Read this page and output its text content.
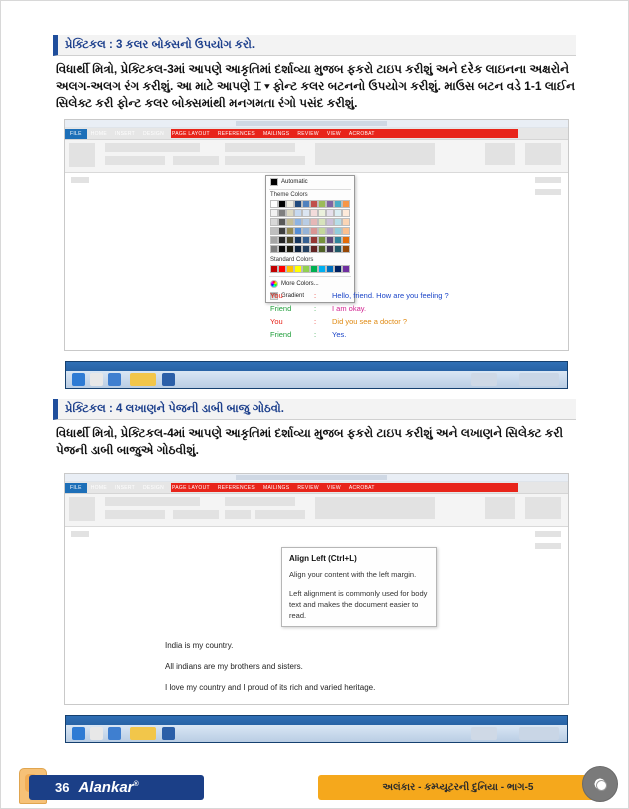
પ્રેક્ટિકલ : 3 કલર બોક્સનો ઉપયોગ કરો.
વિધાર્થી મિત્રો, પ્રેક્ટિકલ-3માં આપણે આકૃતિમાં દર્શાવ્યા મુજબ ફકરો ટાઇપ કરીશું અને દરેક લાઇનના અક્ષરોને અલગ-અલગ રંગ કરીશું. આ માટે આપણે ⌶ ▾ ફોન્ટ કલર બટનનો ઉપયોગ કરીશું. માઉસ બટન વડે 1-1 લાઈન સિલેક્ટ કરી ફોન્ટ કલર બોક્સમાંથી મનગમતા રંગો પસંદ કરીશું.
FILE	HOME	INSERT	DESIGN	PAGE LAYOUT	REFERENCES	MAILINGS	REVIEW	VIEW	ACROBAT
Automatic
Theme Colors
Standard Colors
More Colors...
Gradient
You	:	Hello, friend. How are you feeling ?
Friend	:	I am okay.
You	:	Did you see a doctor ?
Friend	:	Yes.
પ્રેક્ટિકલ : 4 લખાણને પેજની ડાબી બાજુ ગોઠવો.
વિધાર્થી મિત્રો, પ્રેક્ટિકલ-4માં આપણે આકૃતિમાં દર્શાવ્યા મુજબ ફકરો ટાઇપ કરીશું અને લખાણને સિલેક્ટ કરી પેજની ડાબી બાજુએ ગોઠવીશું.
FILE	HOME	INSERT	DESIGN	PAGE LAYOUT	REFERENCES	MAILINGS	REVIEW	VIEW	ACROBAT
Align Left (Ctrl+L)
Align your content with the left margin.
Left alignment is commonly used for body text and makes the document easier to read.
India is my country.
All indians are my brothers and sisters.
I love my country and I proud of its rich and varied heritage.
36 Alankar®	અલંકાર - કમ્પ્યૂટરની દુનિયા - ભાગ-5
